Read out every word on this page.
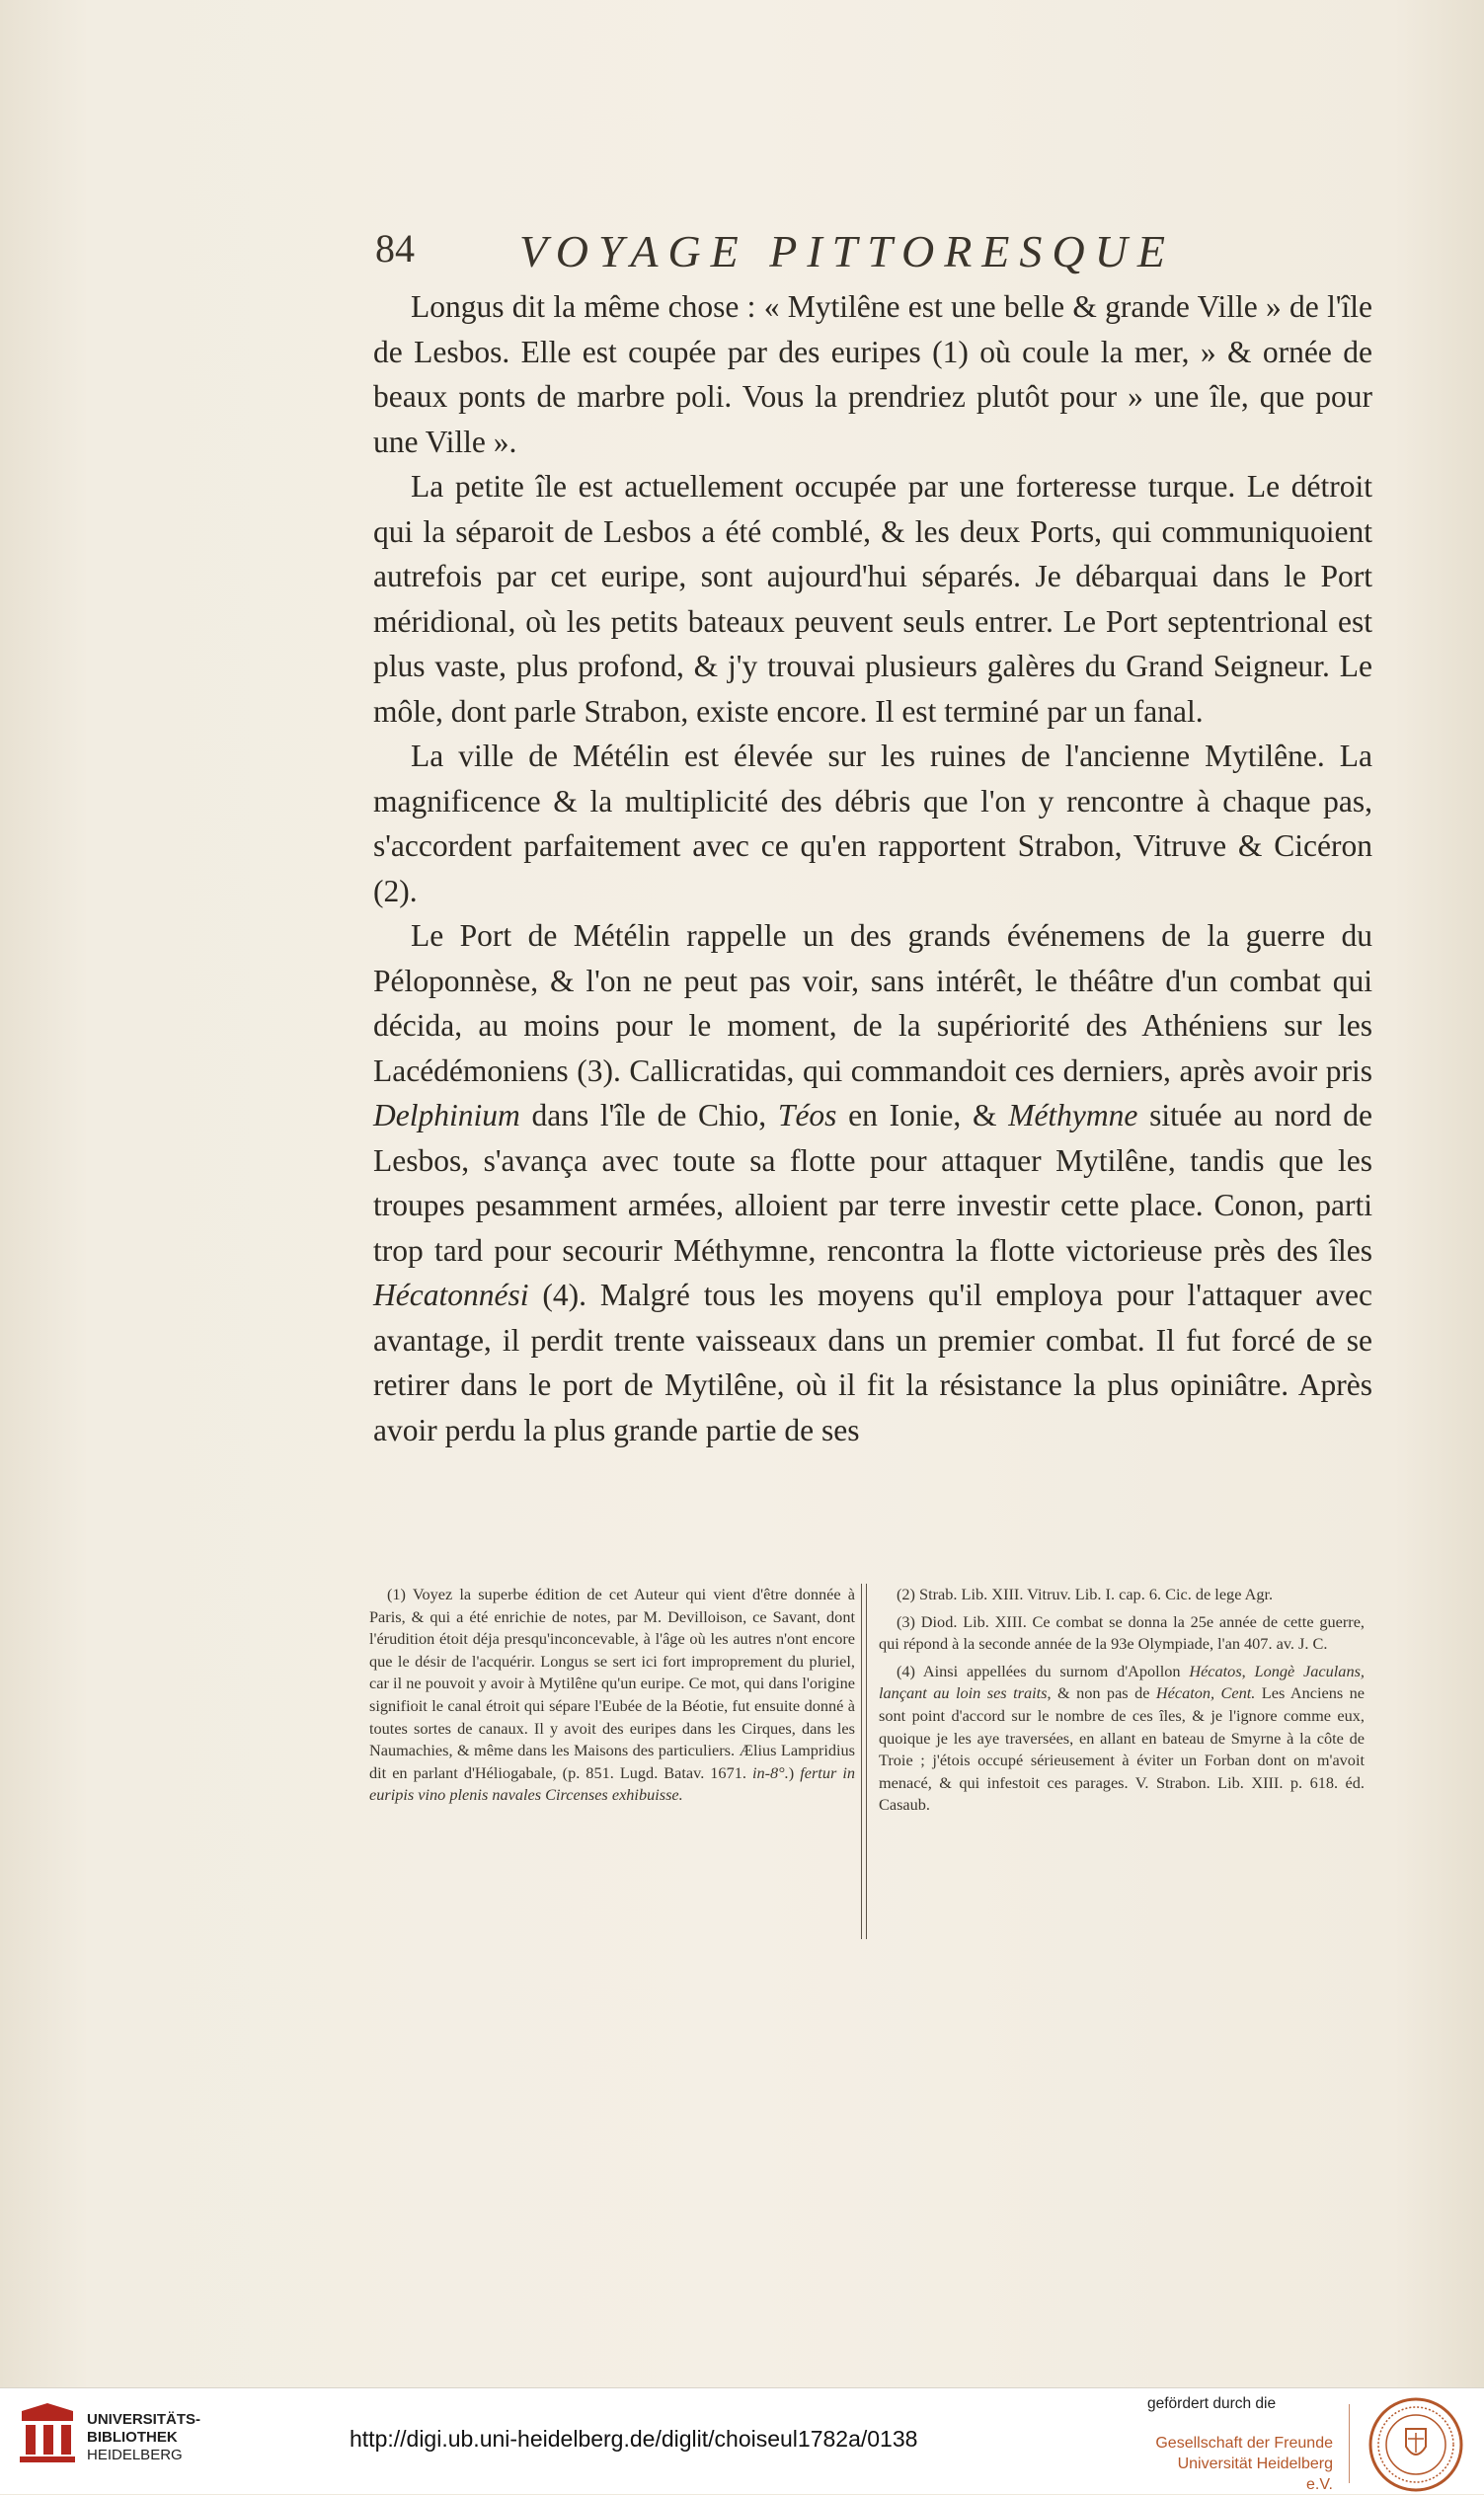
84 VOYAGE PITTORESQUE

Longus dit la même chose : « Mytilêne est une belle & grande Ville » de l'île de Lesbos. Elle est coupée par des euripes (1) où coule la mer, » & ornée de beaux ponts de marbre poli. Vous la prendriez plutôt pour » une île, que pour une Ville ».

La petite île est actuellement occupée par une forteresse turque. Le détroit qui la séparoit de Lesbos a été comblé, & les deux Ports, qui communiquoient autrefois par cet euripe, sont aujourd'hui séparés. Je débarquai dans le Port méridional, où les petits bateaux peuvent seuls entrer. Le Port septentrional est plus vaste, plus profond, & j'y trouvai plusieurs galères du Grand Seigneur. Le môle, dont parle Strabon, existe encore. Il est terminé par un fanal.

La ville de Métélin est élevée sur les ruines de l'ancienne Mytilêne. La magnificence & la multiplicité des débris que l'on y rencontre à chaque pas, s'accordent parfaitement avec ce qu'en rapportent Strabon, Vitruve & Cicéron (2).

Le Port de Métélin rappelle un des grands événemens de la guerre du Péloponnèse, & l'on ne peut pas voir, sans intérêt, le théâtre d'un combat qui décida, au moins pour le moment, de la supériorité des Athéniens sur les Lacédémoniens (3). Callicratidas, qui commandoit ces derniers, après avoir pris Delphinium dans l'île de Chio, Téos en Ionie, & Méthymne située au nord de Lesbos, s'avança avec toute sa flotte pour attaquer Mytilêne, tandis que les troupes pesamment armées, alloient par terre investir cette place. Conon, parti trop tard pour secourir Méthymne, rencontra la flotte victorieuse près des îles Hécatonnési (4). Malgré tous les moyens qu'il employa pour l'attaquer avec avantage, il perdit trente vaisseaux dans un premier combat. Il fut forcé de se retirer dans le port de Mytilêne, où il fit la résistance la plus opiniâtre. Après avoir perdu la plus grande partie de ses

(1) Voyez la superbe édition de cet Auteur qui vient d'être donnée à Paris, & qui a été enrichie de notes, par M. Devilloison, ce Savant, dont l'érudition étoit déja presqu'inconcevable, à l'âge où les autres n'ont encore que le désir de l'acquérir. Longus se sert ici fort improprement du pluriel, car il ne pouvoit y avoir à Mytilêne qu'un euripe. Ce mot, qui dans l'origine signifioit le canal étroit qui sépare l'Eubée de la Béotie, fut ensuite donné à toutes sortes de canaux. Il y avoit des euripes dans les Cirques, dans les Naumachies, & même dans les Maisons des particuliers. Ælius Lampridius dit en parlant d'Héliogabale, (p. 851. Lugd. Batav. 1671. in-8°.) fertur in euripis vino plenis navales Circenses exhibuisse.

(2) Strab. Lib. XIII. Vitruv. Lib. I. cap. 6. Cic. de lege Agr.

(3) Diod. Lib. XIII. Ce combat se donna la 25e année de cette guerre, qui répond à la seconde année de la 93e Olympiade, l'an 407. av. J. C.

(4) Ainsi appellées du surnom d'Apollon Hécatos, Longè Jaculans, lançant au loin ses traits, & non pas de Hécaton, Cent. Les Anciens ne sont point d'accord sur le nombre de ces îles, & je l'ignore comme eux, quoique je les aye traversées, en allant en bateau de Smyrne à la côte de Troie ; j'étois occupé sérieusement à éviter un Forban dont on m'avoit menacé, & qui infestoit ces parages. V. Strabon. Lib. XIII. p. 618. éd. Casaub.

UNIVERSITÄTS-
BIBLIOTHEK
HEIDELBERG
http://digi.ub.uni-heidelberg.de/diglit/choiseul1782a/0138
gefördert durch die
Gesellschaft der Freunde
Universität Heidelberg e.V.
